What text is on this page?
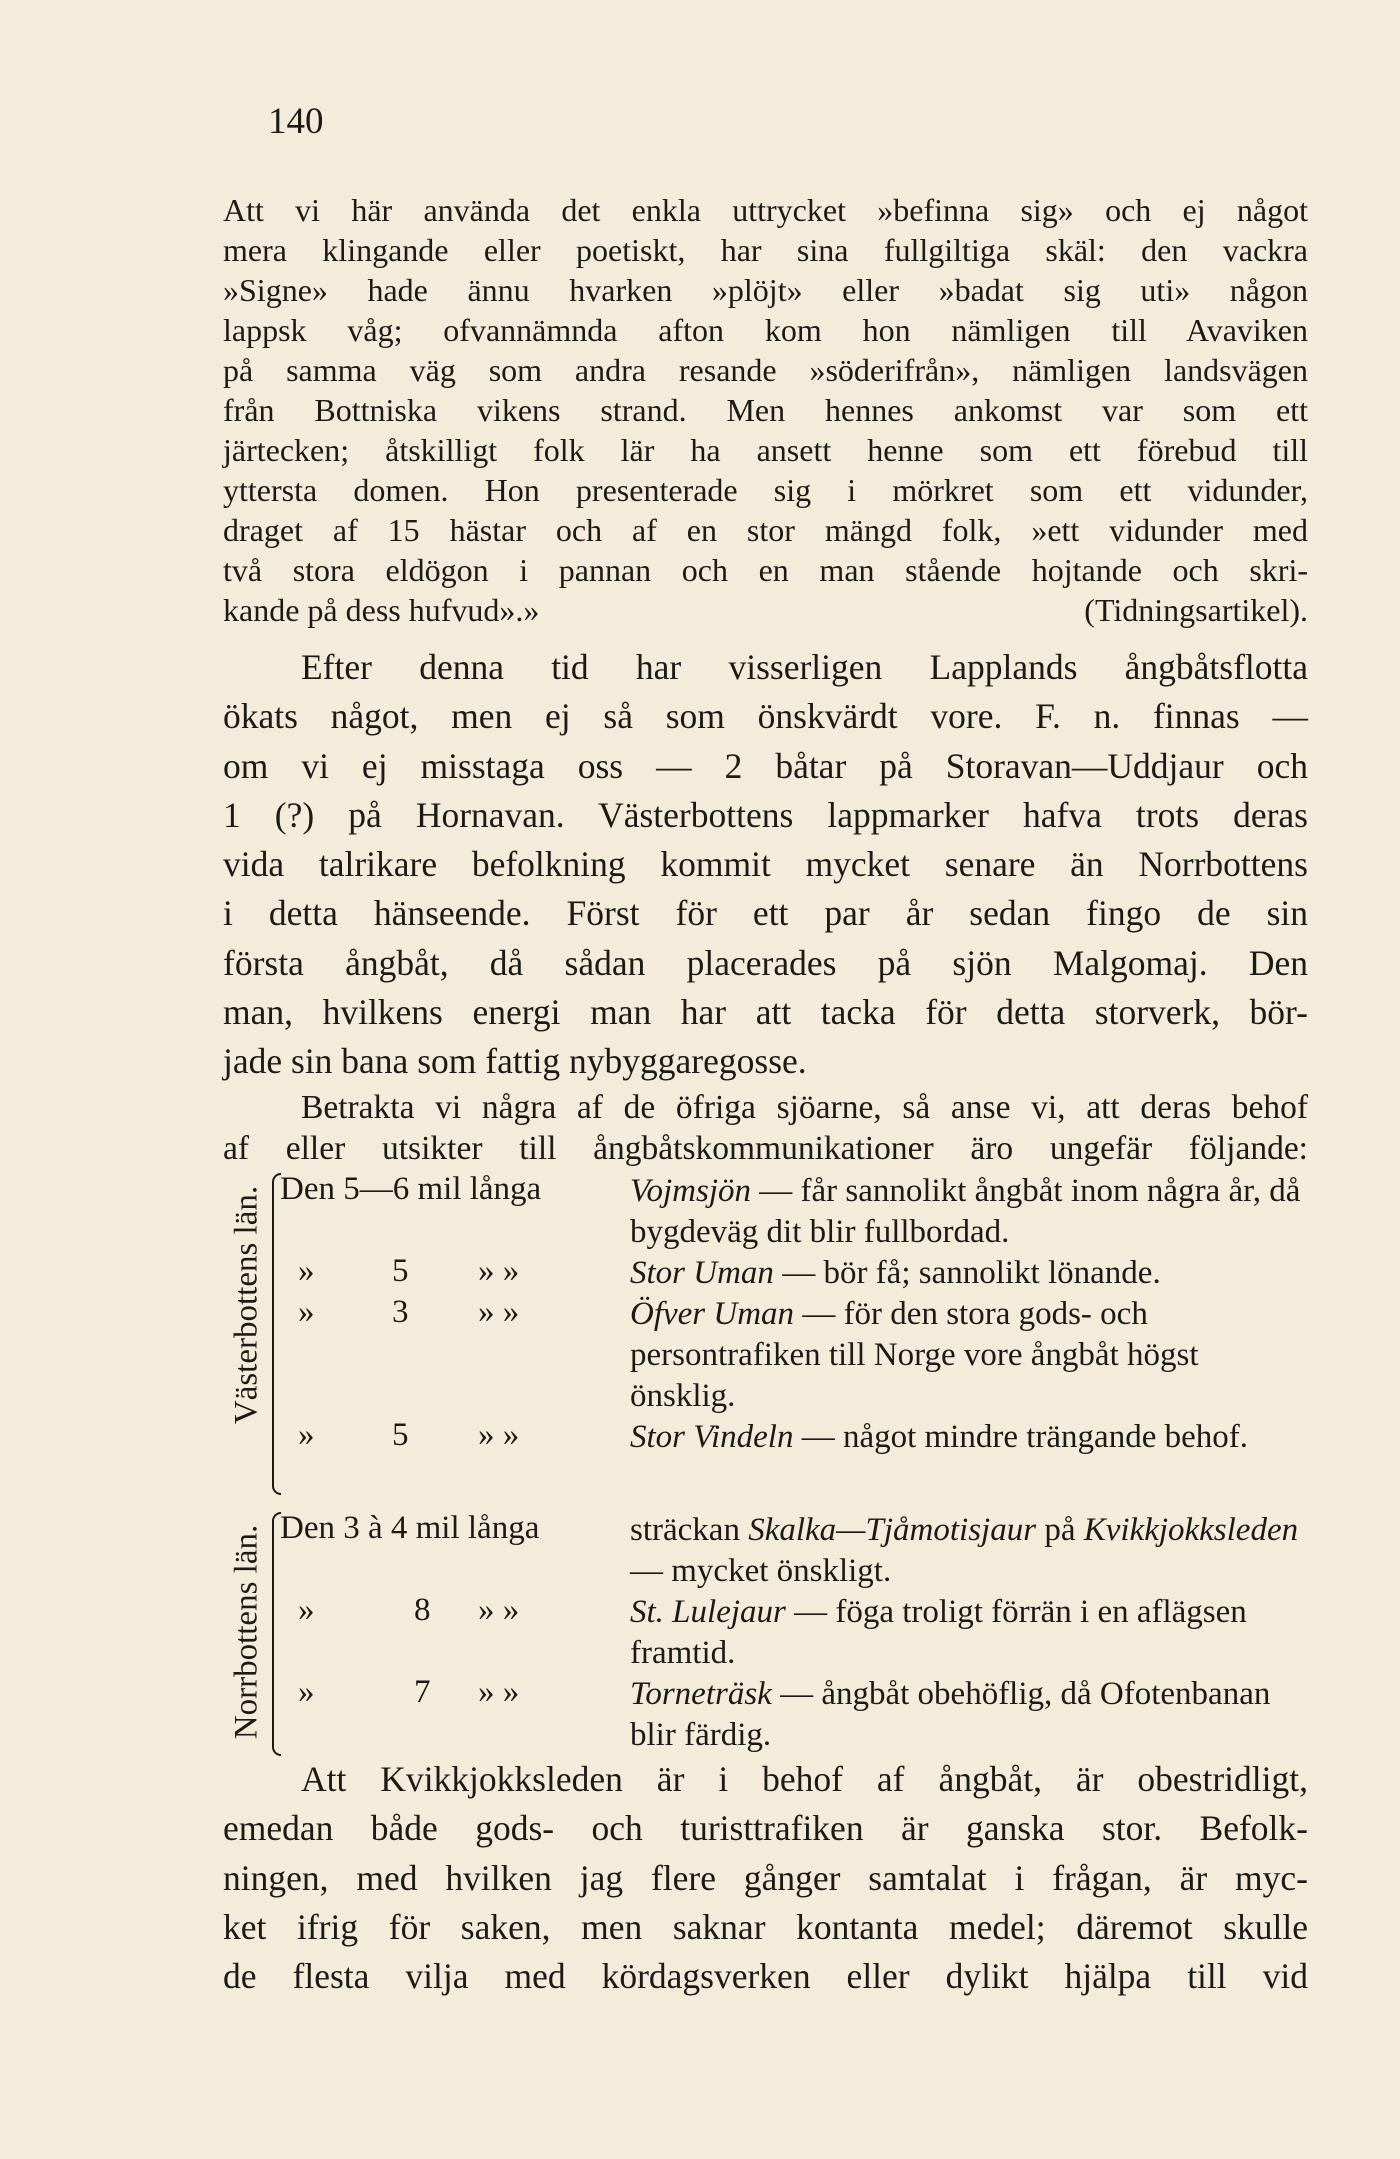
140
Att vi här använda det enkla uttrycket »befinna sig» och ej något
mera klingande eller poetiskt, har sina fullgiltiga skäl: den vackra
»Signe» hade ännu hvarken »plöjt» eller »badat sig uti» någon
lappsk våg; ofvannämnda afton kom hon nämligen till Avaviken
på samma väg som andra resande »söderifrån», nämligen landsvägen
från Bottniska vikens strand. Men hennes ankomst var som ett
järtecken; åtskilligt folk lär ha ansett henne som ett förebud till
yttersta domen. Hon presenterade sig i mörkret som ett vidunder,
draget af 15 hästar och af en stor mängd folk, »ett vidunder med
två stora eldögon i pannan och en man stående hojtande och skri-
kande på dess hufvud».»	(Tidningsartikel).
Efter denna tid har visserligen Lapplands ångbåtsflotta
ökats något, men ej så som önskvärdt vore. F. n. finnas —
om vi ej misstaga oss — 2 båtar på Storavan—Uddjaur och
1 (?) på Hornavan. Västerbottens lappmarker hafva trots deras
vida talrikare befolkning kommit mycket senare än Norrbottens
i detta hänseende. Först för ett par år sedan fingo de sin
första ångbåt, då sådan placerades på sjön Malgomaj. Den
man, hvilkens energi man har att tacka för detta storverk, bör-
jade sin bana som fattig nybyggaregosse.
Betrakta vi några af de öfriga sjöarne, så anse vi, att deras behof
af eller utsikter till ångbåtskommunikationer äro ungefär följande:
Västerbottens län. Den 5—6 mil långa	Vojmsjön — får sannolikt ångbåt inom några år, då bygdeväg dit blir fullbordad.
» 5 » »	Stor Uman — bör få; sannolikt lönande.
» 3 » »	Öfver Uman — för den stora gods- och persontrafiken till Norge vore ångbåt högst önsklig.
» 5 » »	Stor Vindeln — något mindre trängande behof.
Norrbottens län. Den 3 à 4 mil långa	sträckan Skalka—Tjåmotisjaur på Kvikkjokksleden — mycket önskligt.
»	8 » »	St. Lulejaur — föga troligt förrän i en aflägsen framtid.
»	7 » »	Torneträsk — ångbåt obehöflig, då Ofotenbanan blir färdig.
Att Kvikkjokksleden är i behof af ångbåt, är obestridligt,
emedan både gods- och turisttrafiken är ganska stor. Befolk-
ningen, med hvilken jag flere gånger samtalat i frågan, är myc-
ket ifrig för saken, men saknar kontanta medel; däremot skulle
de flesta vilja med kördagsverken eller dylikt hjälpa till vid
